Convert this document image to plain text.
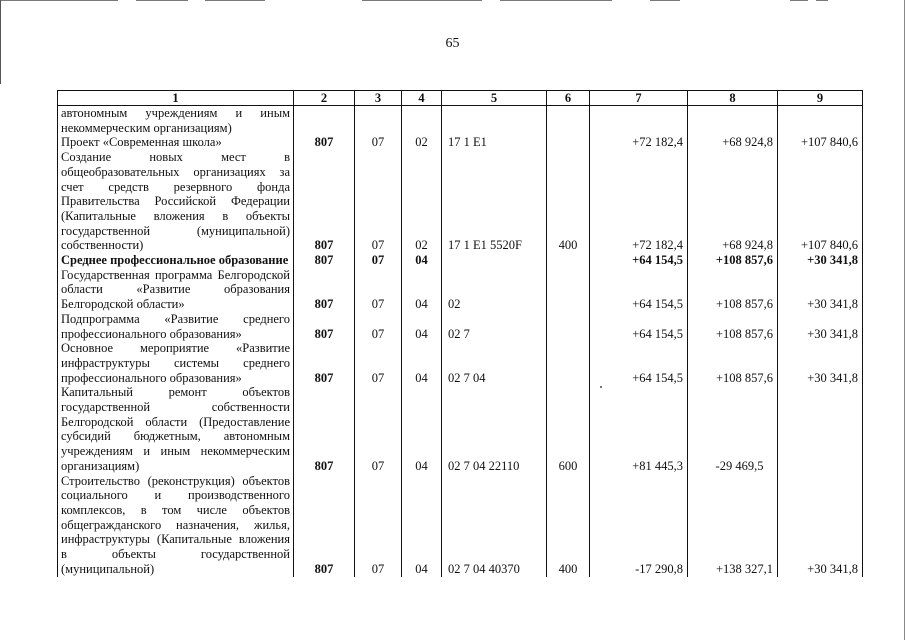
65
1	2	3	4	5	6	7	8	9
автономным учреждениям и иным некоммерческим организациям)								
Проект «Современная школа»	807	07	02	17 1 E1		+72 182,4	+68 924,8	+107 840,6
Создание новых мест в общеобразовательных организациях за счет средств резервного фонда Правительства Российской Федерации (Капитальные вложения в объекты государственной (муниципальной) собственности)	807	07	02	17 1 E1 5520F	400	+72 182,4	+68 924,8	+107 840,6
Среднее профессиональное образование	807	07	04			+64 154,5	+108 857,6	+30 341,8
Государственная программа Белгородской области «Развитие образования Белгородской области»	807	07	04	02		+64 154,5	+108 857,6	+30 341,8
Подпрограмма «Развитие среднего профессионального образования»	807	07	04	02 7		+64 154,5	+108 857,6	+30 341,8
Основное мероприятие «Развитие инфраструктуры системы среднего профессионального образования»	807	07	04	02 7 04		+64 154,5	+108 857,6	+30 341,8
Капитальный ремонт объектов государственной собственности Белгородской области (Предоставление субсидий бюджетным, автономным учреждениям и иным некоммерческим организациям)	807	07	04	02 7 04 22110	600	+81 445,3	-29 469,5	
Строительство (реконструкция) объектов социального и производственного комплексов, в том числе объектов общегражданского назначения, жилья, инфраструктуры (Капитальные вложения в объекты государственной (муниципальной)	807	07	04	02 7 04 40370	400	-17 290,8	+138 327,1	+30 341,8
